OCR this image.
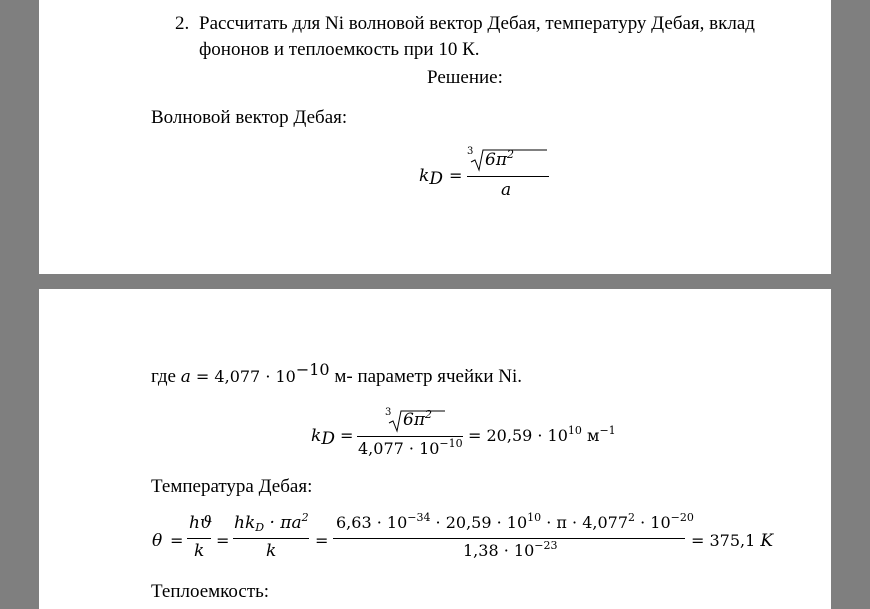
2. Рассчитать для Ni волновой вектор Дебая, температуру Дебая, вклад
фононов и теплоемкость при 10 К.
Решение:
Волновой вектор Дебая:
$k_D$ =
3 $6\pi^2$
a
где $a = 4,077 \cdot 10^{-10}$ м- параметр ячейки Ni.
$k_D$ =
3 $6\pi^2$
$4,077 \cdot 10^{-10} = 20,59 \cdot 10^{10}$ $м^{-1}$
Температура Дебая:
θ =
hϑ
k
=
$hk_D \cdot \pi a^2$
k
=
$6,63 \cdot 10^{-34} \cdot 20,59 \cdot 10^{10} \cdot \pi \cdot 4,077^2 \cdot 10^{-20}$
$1,38 \cdot 10^{-23}$	= 375,1 K
Теплоемкость:
